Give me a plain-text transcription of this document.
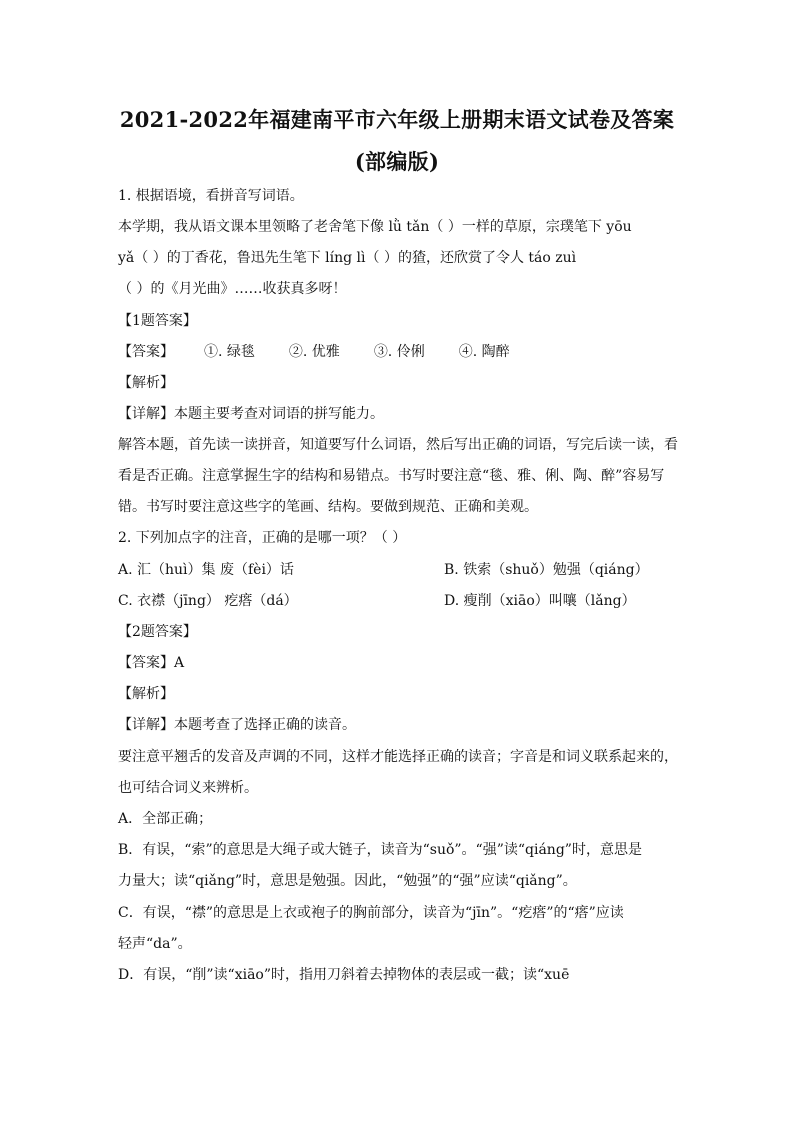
2021-2022年福建南平市六年级上册期末语文试卷及答案
(部编版)
1. 根据语境，看拼音写词语。
本学期，我从语文课本里领略了老舍笔下像 lǜ tǎn（ ）一样的草原，宗璞笔下 yōu
yǎ（ ）的丁香花，鲁迅先生笔下 líng lì（ ）的猹，还欣赏了令人 táo zuì
（ ）的《月光曲》……收获真多呀！
【1题答案】
【答案】 ①. 绿毯 ②. 优雅 ③. 伶俐 ④. 陶醉
【解析】
【详解】本题主要考查对词语的拼写能力。
解答本题，首先读一读拼音，知道要写什么词语，然后写出正确的词语，写完后读一读，看
看是否正确。注意掌握生字的结构和易错点。书写时要注意“毯、雅、俐、陶、醉”容易写
错。书写时要注意这些字的笔画、结构。要做到规范、正确和美观。
2. 下列加点字的注音，正确的是哪一项？（ ）
A. 汇（huì）集 废（fèi）话	B. 铁索（shuǒ）勉强（qiáng）
C. 衣襟（jīng） 疙瘩（dá）	D. 瘦削（xiāo）叫嚷（lǎng）
【2题答案】
【答案】A
【解析】
【详解】本题考查了选择正确的读音。
要注意平翘舌的发音及声调的不同，这样才能选择正确的读音；字音是和词义联系起来的，
也可结合词义来辨析。
A．全部正确；
B．有误，“索”的意思是大绳子或大链子，读音为“suǒ”。“强”读“qiáng”时，意思是
力量大；读“qiǎng”时，意思是勉强。因此，“勉强”的“强”应读“qiǎng”。
C．有误，“襟”的意思是上衣或袍子的胸前部分，读音为“jīn”。“疙瘩”的“瘩”应读
轻声“da”。
D．有误，“削”读“xiāo”时，指用刀斜着去掉物体的表层或一截；读“xuē
